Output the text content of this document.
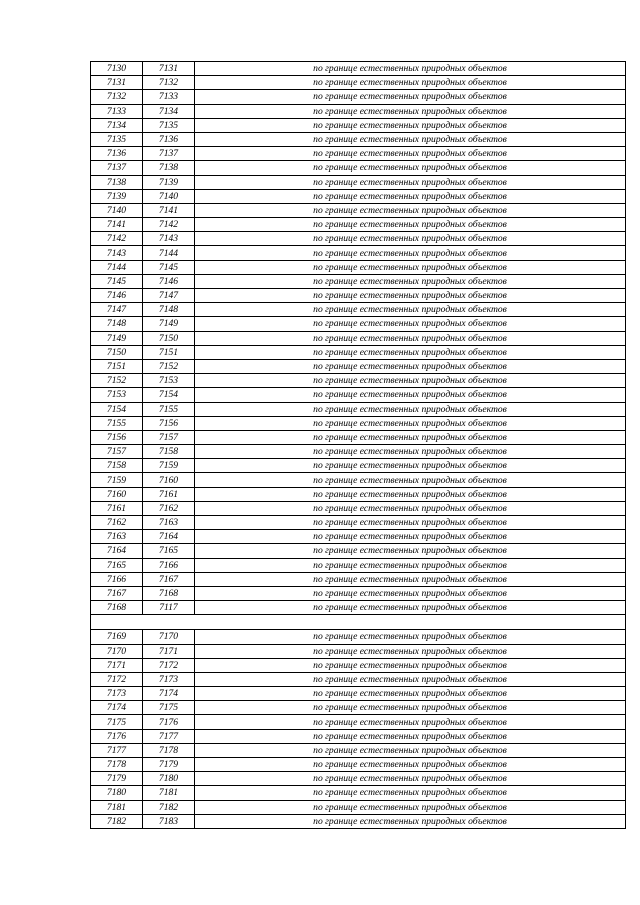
7130	7131	по границе естественных природных объектов
7131	7132	по границе естественных природных объектов
7132	7133	по границе естественных природных объектов
7133	7134	по границе естественных природных объектов
7134	7135	по границе естественных природных объектов
7135	7136	по границе естественных природных объектов
7136	7137	по границе естественных природных объектов
7137	7138	по границе естественных природных объектов
7138	7139	по границе естественных природных объектов
7139	7140	по границе естественных природных объектов
7140	7141	по границе естественных природных объектов
7141	7142	по границе естественных природных объектов
7142	7143	по границе естественных природных объектов
7143	7144	по границе естественных природных объектов
7144	7145	по границе естественных природных объектов
7145	7146	по границе естественных природных объектов
7146	7147	по границе естественных природных объектов
7147	7148	по границе естественных природных объектов
7148	7149	по границе естественных природных объектов
7149	7150	по границе естественных природных объектов
7150	7151	по границе естественных природных объектов
7151	7152	по границе естественных природных объектов
7152	7153	по границе естественных природных объектов
7153	7154	по границе естественных природных объектов
7154	7155	по границе естественных природных объектов
7155	7156	по границе естественных природных объектов
7156	7157	по границе естественных природных объектов
7157	7158	по границе естественных природных объектов
7158	7159	по границе естественных природных объектов
7159	7160	по границе естественных природных объектов
7160	7161	по границе естественных природных объектов
7161	7162	по границе естественных природных объектов
7162	7163	по границе естественных природных объектов
7163	7164	по границе естественных природных объектов
7164	7165	по границе естественных природных объектов
7165	7166	по границе естественных природных объектов
7166	7167	по границе естественных природных объектов
7167	7168	по границе естественных природных объектов
7168	7117	по границе естественных природных объектов

7169	7170	по границе естественных природных объектов
7170	7171	по границе естественных природных объектов
7171	7172	по границе естественных природных объектов
7172	7173	по границе естественных природных объектов
7173	7174	по границе естественных природных объектов
7174	7175	по границе естественных природных объектов
7175	7176	по границе естественных природных объектов
7176	7177	по границе естественных природных объектов
7177	7178	по границе естественных природных объектов
7178	7179	по границе естественных природных объектов
7179	7180	по границе естественных природных объектов
7180	7181	по границе естественных природных объектов
7181	7182	по границе естественных природных объектов
7182	7183	по границе естественных природных объектов
